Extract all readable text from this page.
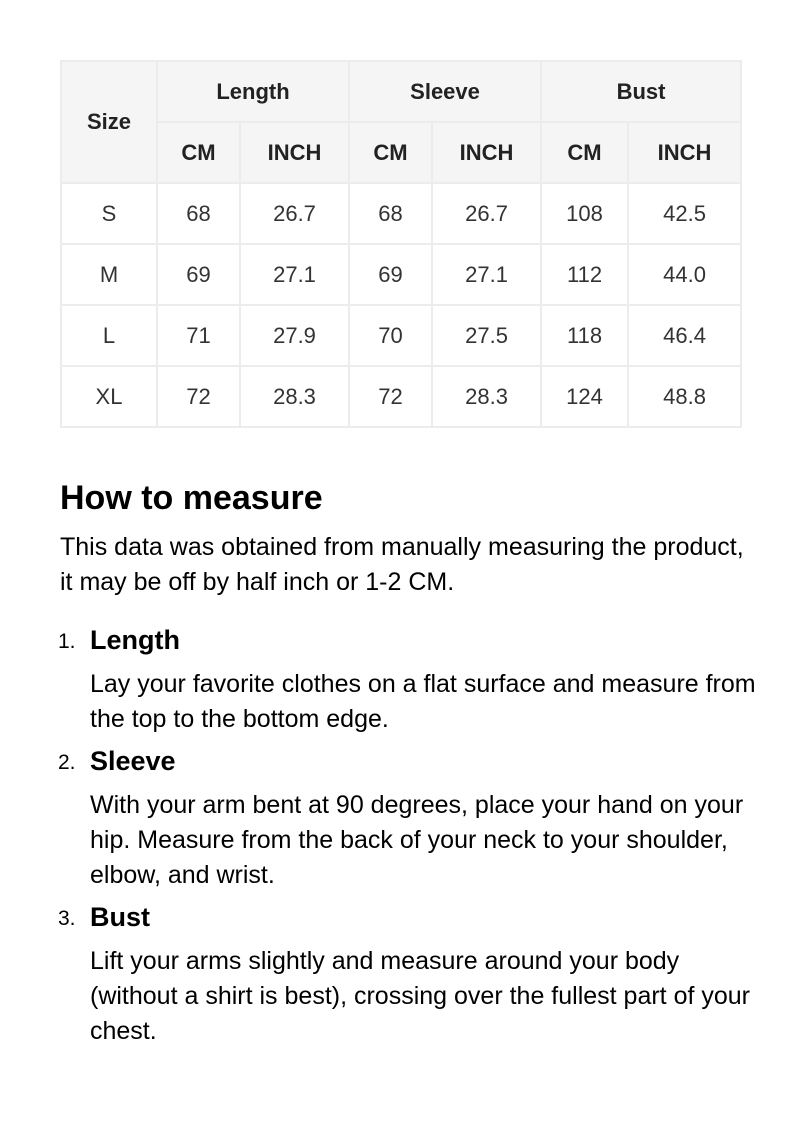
Size	Length		Sleeve		Bust	
	CM	INCH	CM	INCH	CM	INCH
S	68	26.7	68	26.7	108	42.5
M	69	27.1	69	27.1	112	44.0
L	71	27.9	70	27.5	118	46.4
XL	72	28.3	72	28.3	124	48.8
How to measure

This data was obtained from manually measuring the product, it may be off by half inch or 1-2 CM.

1. Length

Lay your favorite clothes on a flat surface and measure from the top to the bottom edge.

2. Sleeve

With your arm bent at 90 degrees, place your hand on your hip. Measure from the back of your neck to your shoulder, elbow, and wrist.

3. Bust

Lift your arms slightly and measure around your body (without a shirt is best), crossing over the fullest part of your chest.
